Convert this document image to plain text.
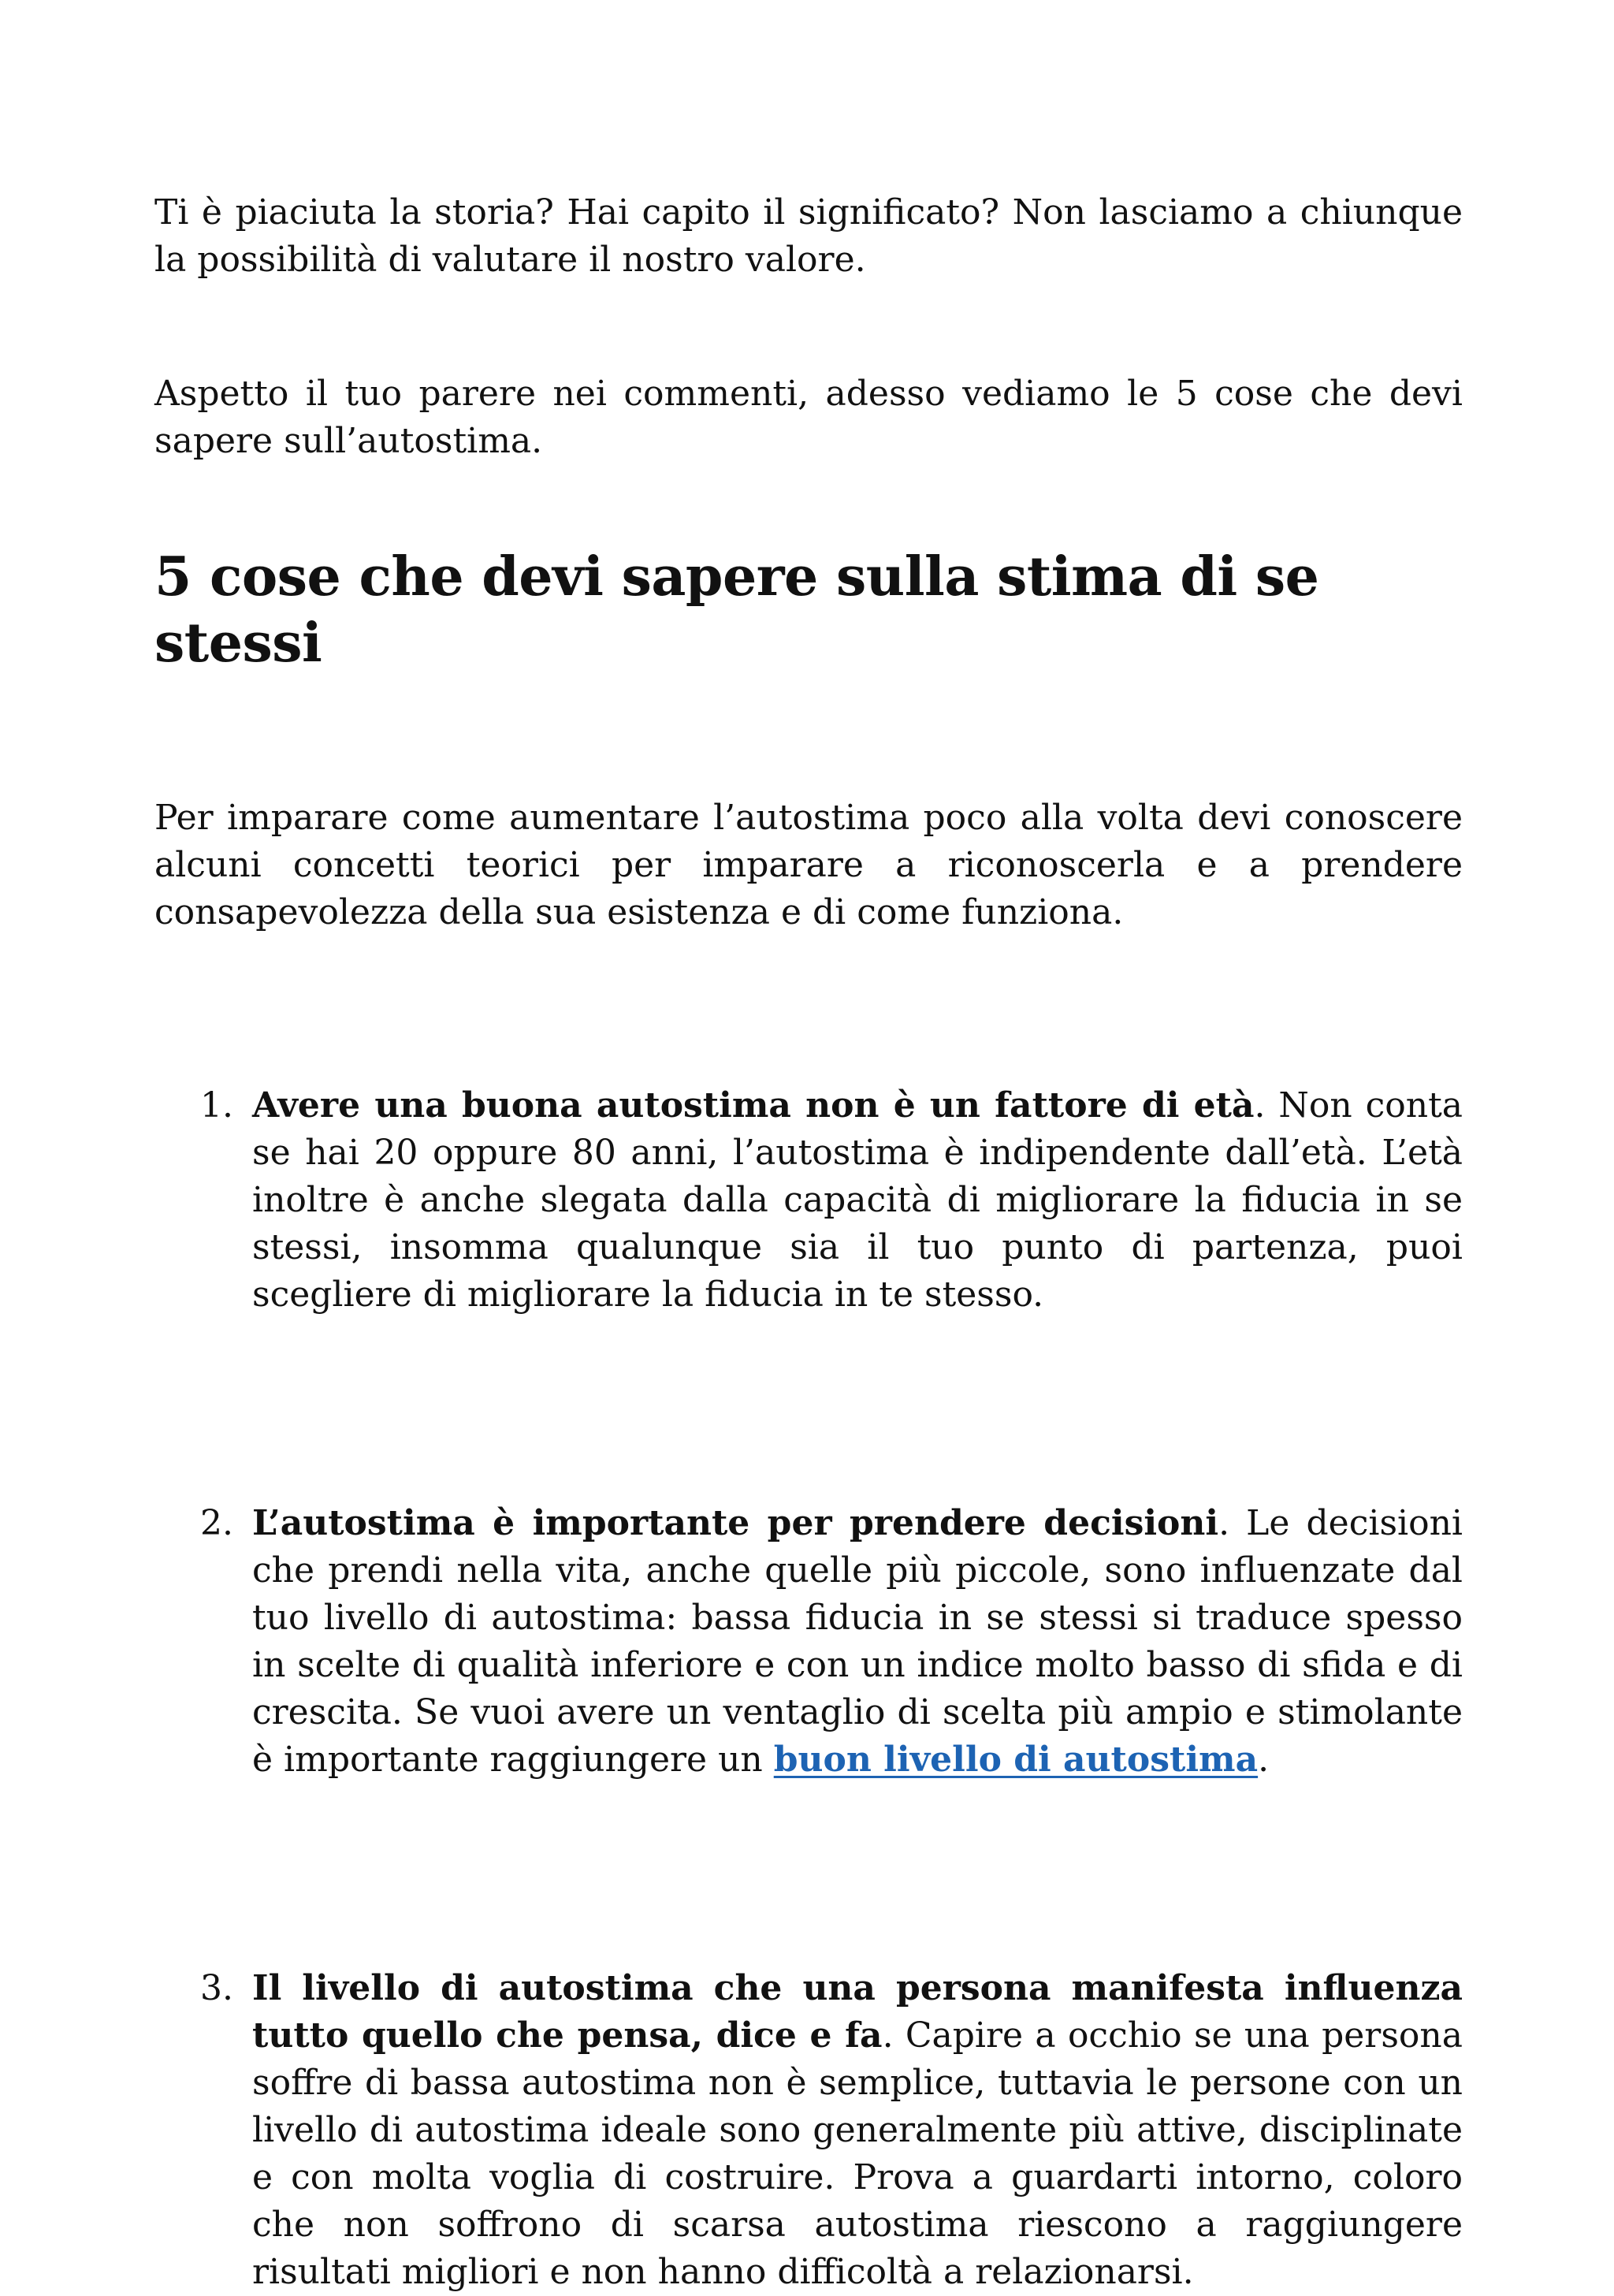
Ti è piaciuta la storia? Hai capito il significato? Non lasciamo a chiunque la possibilità di valutare il nostro valore.

Aspetto il tuo parere nei commenti, adesso vediamo le 5 cose che devi sapere sull’autostima.

5 cose che devi sapere sulla stima di se stessi

Per imparare come aumentare l’autostima poco alla volta devi conoscere alcuni concetti teorici per imparare a riconoscerla e a prendere consapevolezza della sua esistenza e di come funziona.

1. Avere una buona autostima non è un fattore di età. Non conta se hai 20 oppure 80 anni, l’autostima è indipendente dall’età. L’età inoltre è anche slegata dalla capacità di migliorare la fiducia in se stessi, insomma qualunque sia il tuo punto di partenza, puoi scegliere di migliorare la fiducia in te stesso.
2. L’autostima è importante per prendere decisioni. Le decisioni che prendi nella vita, anche quelle più piccole, sono influenzate dal tuo livello di autostima: bassa fiducia in se stessi si traduce spesso in scelte di qualità inferiore e con un indice molto basso di sfida e di crescita. Se vuoi avere un ventaglio di scelta più ampio e stimolante è importante raggiungere un buon livello di autostima.
3. Il livello di autostima che una persona manifesta influenza tutto quello che pensa, dice e fa. Capire a occhio se una persona soffre di bassa autostima non è semplice, tuttavia le persone con un livello di autostima ideale sono generalmente più attive, disciplinate e con molta voglia di costruire. Prova a guardarti intorno, coloro che non soffrono di scarsa autostima riescono a raggiungere risultati migliori e non hanno difficoltà a relazionarsi.
